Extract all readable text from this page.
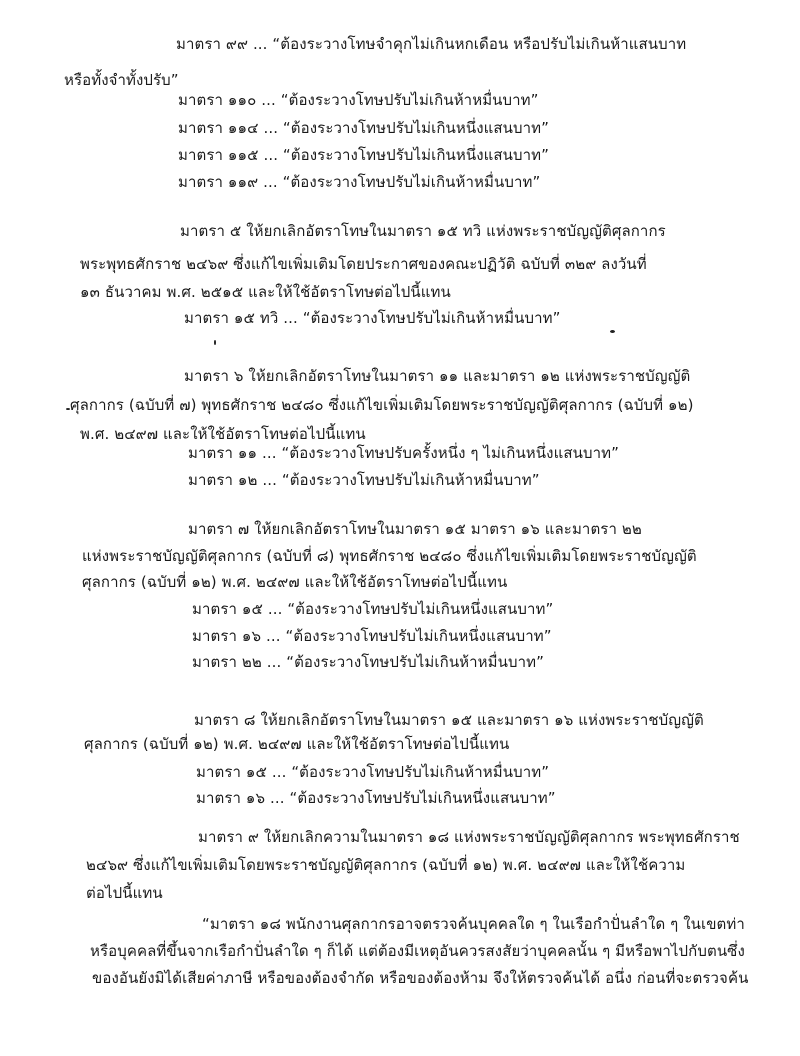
มาตรา ๙๙ ... “ต้องระวางโทษจำคุกไม่เกินหกเดือน หรือปรับไม่เกินห้าแสนบาท
หรือทั้งจำทั้งปรับ”
มาตรา ๑๑๐ ... “ต้องระวางโทษปรับไม่เกินห้าหมื่นบาท”
มาตรา ๑๑๔ ... “ต้องระวางโทษปรับไม่เกินหนึ่งแสนบาท”
มาตรา ๑๑๕ ... “ต้องระวางโทษปรับไม่เกินหนึ่งแสนบาท”
มาตรา ๑๑๙ ... “ต้องระวางโทษปรับไม่เกินห้าหมื่นบาท”
มาตรา ๕ ให้ยกเลิกอัตราโทษในมาตรา ๑๕ ทวิ แห่งพระราชบัญญัติศุลกากร
พระพุทธศักราช ๒๔๖๙ ซึ่งแก้ไขเพิ่มเติมโดยประกาศของคณะปฏิวัติ ฉบับที่ ๓๒๙ ลงวันที่
๑๓ ธันวาคม พ.ศ. ๒๕๑๕ และให้ใช้อัตราโทษต่อไปนี้แทน
มาตรา ๑๕ ทวิ ... “ต้องระวางโทษปรับไม่เกินห้าหมื่นบาท”
มาตรา ๖ ให้ยกเลิกอัตราโทษในมาตรา ๑๑ และมาตรา ๑๒ แห่งพระราชบัญญัติ
ศุลกากร (ฉบับที่ ๗) พุทธศักราช ๒๔๘๐ ซึ่งแก้ไขเพิ่มเติมโดยพระราชบัญญัติศุลกากร (ฉบับที่ ๑๒)
พ.ศ. ๒๔๙๗ และให้ใช้อัตราโทษต่อไปนี้แทน
มาตรา ๑๑ ... “ต้องระวางโทษปรับครั้งหนึ่ง ๆ ไม่เกินหนึ่งแสนบาท”
มาตรา ๑๒ ... “ต้องระวางโทษปรับไม่เกินห้าหมื่นบาท”
มาตรา ๗ ให้ยกเลิกอัตราโทษในมาตรา ๑๕ มาตรา ๑๖ และมาตรา ๒๒
แห่งพระราชบัญญัติศุลกากร (ฉบับที่ ๘) พุทธศักราช ๒๔๘๐ ซึ่งแก้ไขเพิ่มเติมโดยพระราชบัญญัติ
ศุลกากร (ฉบับที่ ๑๒) พ.ศ. ๒๔๙๗ และให้ใช้อัตราโทษต่อไปนี้แทน
มาตรา ๑๕ ... “ต้องระวางโทษปรับไม่เกินหนึ่งแสนบาท”
มาตรา ๑๖ ... “ต้องระวางโทษปรับไม่เกินหนึ่งแสนบาท”
มาตรา ๒๒ ... “ต้องระวางโทษปรับไม่เกินห้าหมื่นบาท”
มาตรา ๘ ให้ยกเลิกอัตราโทษในมาตรา ๑๕ และมาตรา ๑๖ แห่งพระราชบัญญัติ
ศุลกากร (ฉบับที่ ๑๒) พ.ศ. ๒๔๙๗ และให้ใช้อัตราโทษต่อไปนี้แทน
มาตรา ๑๕ ... “ต้องระวางโทษปรับไม่เกินห้าหมื่นบาท”
มาตรา ๑๖ ... “ต้องระวางโทษปรับไม่เกินหนึ่งแสนบาท”
มาตรา ๙ ให้ยกเลิกความในมาตรา ๑๘ แห่งพระราชบัญญัติศุลกากร พระพุทธศักราช
๒๔๖๙ ซึ่งแก้ไขเพิ่มเติมโดยพระราชบัญญัติศุลกากร (ฉบับที่ ๑๒) พ.ศ. ๒๔๙๗ และให้ใช้ความ
ต่อไปนี้แทน
“มาตรา ๑๘ พนักงานศุลกากรอาจตรวจค้นบุคคลใด ๆ ในเรือกำปั่นลำใด ๆ ในเขตท่า
หรือบุคคลที่ขึ้นจากเรือกำปั่นลำใด ๆ ก็ได้ แต่ต้องมีเหตุอันควรสงสัยว่าบุคคลนั้น ๆ มีหรือพาไปกับตนซึ่ง
ของอันยังมิได้เสียค่าภาษี หรือของต้องจำกัด หรือของต้องห้าม จึงให้ตรวจค้นได้ อนึ่ง ก่อนที่จะตรวจค้น
